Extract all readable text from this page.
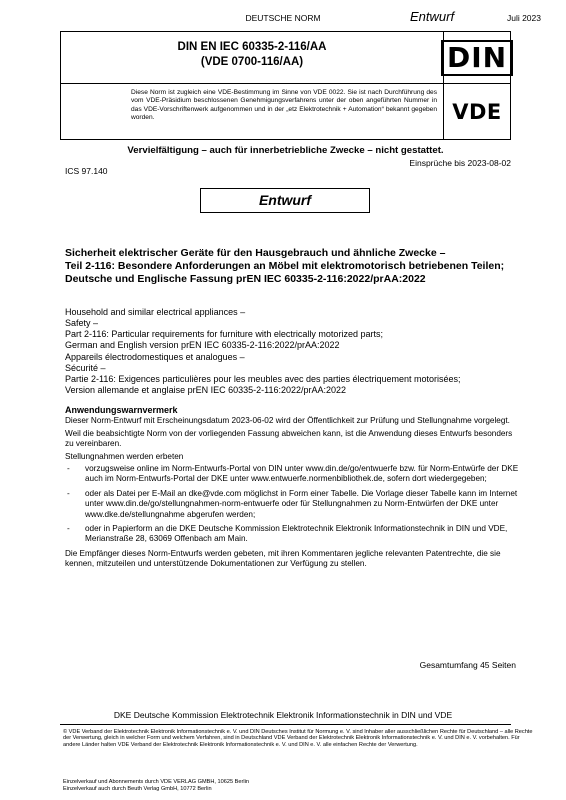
DEUTSCHE NORM	Entwurf	Juli 2023
DIN EN IEC 60335-2-116/AA
(VDE 0700-116/AA)	DIN
Diese Norm ist zugleich eine VDE-Bestimmung im Sinne von VDE 0022. Sie ist nach Durchführung des vom VDE-Präsidium beschlossenen Genehmigungsverfahrens unter der oben angeführten Nummer in das VDE-Vorschriftenwerk aufgenommen und in der „etz Elektrotechnik + Automation“ bekannt gegeben worden.	VDE
Vervielfältigung – auch für innerbetriebliche Zwecke – nicht gestattet.
Einsprüche bis 2023-08-02
ICS 97.140
Entwurf
Sicherheit elektrischer Geräte für den Hausgebrauch und ähnliche Zwecke –
Teil 2-116: Besondere Anforderungen an Möbel mit elektromotorisch betriebenen Teilen;
Deutsche und Englische Fassung prEN IEC 60335-2-116:2022/prAA:2022
Household and similar electrical appliances –
Safety –
Part 2-116: Particular requirements for furniture with electrically motorized parts;
German and English version prEN IEC 60335-2-116:2022/prAA:2022
Appareils électrodomestiques et analogues –
Sécurité –
Partie 2-116: Exigences particulières pour les meubles avec des parties électriquement motorisées;
Version allemande et anglaise prEN IEC 60335-2-116:2022/prAA:2022
Anwendungswarnvermerk

Dieser Norm-Entwurf mit Erscheinungsdatum 2023-06-02 wird der Öffentlichkeit zur Prüfung und Stellungnahme vorgelegt.

Weil die beabsichtigte Norm von der vorliegenden Fassung abweichen kann, ist die Anwendung dieses Entwurfs besonders zu vereinbaren.

Stellungnahmen werden erbeten

-	vorzugsweise online im Norm-Entwurfs-Portal von DIN unter www.din.de/go/entwuerfe bzw. für Norm-Entwürfe der DKE auch im Norm-Entwurfs-Portal der DKE unter www.entwuerfe.normenbibliothek.de, sofern dort wiedergegeben;
-	oder als Datei per E-Mail an dke@vde.com möglichst in Form einer Tabelle. Die Vorlage dieser Tabelle kann im Internet unter www.din.de/go/stellungnahmen-norm-entwuerfe oder für Stellungnahmen zu Norm-Entwürfen der DKE unter www.dke.de/stellungnahme abgerufen werden;
-	oder in Papierform an die DKE Deutsche Kommission Elektrotechnik Elektronik Informationstechnik in DIN und VDE, Merianstraße 28, 63069 Offenbach am Main.

Die Empfänger dieses Norm-Entwurfs werden gebeten, mit ihren Kommentaren jegliche relevanten Patentrechte, die sie kennen, mitzuteilen und unterstützende Dokumentationen zur Verfügung zu stellen.

Gesamtumfang 45 Seiten
DKE Deutsche Kommission Elektrotechnik Elektronik Informationstechnik in DIN und VDE
© VDE Verband der Elektrotechnik Elektronik Informationstechnik e. V. und DIN Deutsches Institut für Normung e. V. sind Inhaber aller ausschließlichen Rechte für Deutschland – alle Rechte der Verwertung, gleich in welcher Form und welchem Verfahren, sind in Deutschland VDE Verband der Elektrotechnik Elektronik Informationstechnik e. V. und DIN e. V. vorbehalten. Für andere Länder halten VDE Verband der Elektrotechnik Elektronik Informationstechnik e. V. und DIN e. V. alle einfachen Rechte der Verwertung.
Einzelverkauf und Abonnements durch VDE VERLAG GMBH, 10625 Berlin
Einzelverkauf auch durch Beuth Verlag GmbH, 10772 Berlin
